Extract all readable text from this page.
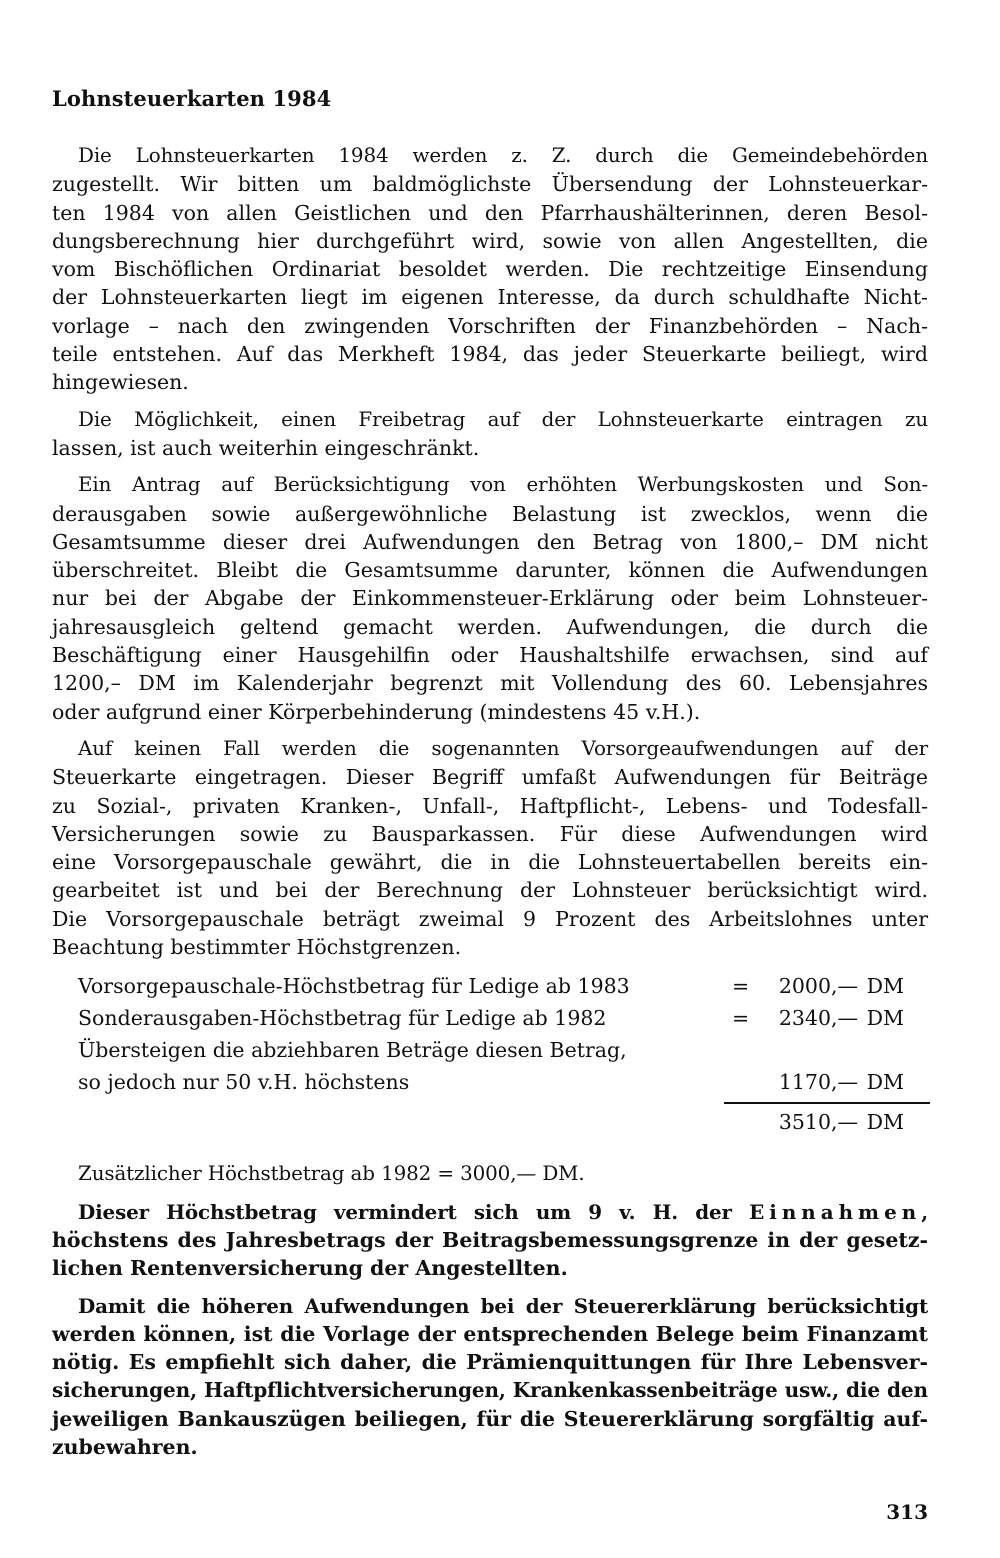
Lohnsteuerkarten 1984

Die Lohnsteuerkarten 1984 werden z. Z. durch die Gemeindebehörden
zugestellt. Wir bitten um baldmöglichste Übersendung der Lohnsteuerkar-
ten 1984 von allen Geistlichen und den Pfarrhaushälterinnen, deren Besol-
dungsberechnung hier durchgeführt wird, sowie von allen Angestellten, die
vom Bischöflichen Ordinariat besoldet werden. Die rechtzeitige Einsendung
der Lohnsteuerkarten liegt im eigenen Interesse, da durch schuldhafte Nicht-
vorlage – nach den zwingenden Vorschriften der Finanzbehörden – Nach-
teile entstehen. Auf das Merkheft 1984, das jeder Steuerkarte beiliegt, wird
hingewiesen.

Die Möglichkeit, einen Freibetrag auf der Lohnsteuerkarte eintragen zu
lassen, ist auch weiterhin eingeschränkt.

Ein Antrag auf Berücksichtigung von erhöhten Werbungskosten und Son-
derausgaben sowie außergewöhnliche Belastung ist zwecklos, wenn die
Gesamtsumme dieser drei Aufwendungen den Betrag von 1800,– DM nicht
überschreitet. Bleibt die Gesamtsumme darunter, können die Aufwendungen
nur bei der Abgabe der Einkommensteuer-Erklärung oder beim Lohnsteuer-
jahresausgleich geltend gemacht werden. Aufwendungen, die durch die
Beschäftigung einer Hausgehilfin oder Haushaltshilfe erwachsen, sind auf
1200,– DM im Kalenderjahr begrenzt mit Vollendung des 60. Lebensjahres
oder aufgrund einer Körperbehinderung (mindestens 45 v.H.).

Auf keinen Fall werden die sogenannten Vorsorgeaufwendungen auf der
Steuerkarte eingetragen. Dieser Begriff umfaßt Aufwendungen für Beiträge
zu Sozial-, privaten Kranken-, Unfall-, Haftpflicht-, Lebens- und Todesfall-
Versicherungen sowie zu Bausparkassen. Für diese Aufwendungen wird
eine Vorsorgepauschale gewährt, die in die Lohnsteuertabellen bereits ein-
gearbeitet ist und bei der Berechnung der Lohnsteuer berücksichtigt wird.
Die Vorsorgepauschale beträgt zweimal 9 Prozent des Arbeitslohnes unter
Beachtung bestimmter Höchstgrenzen.

Vorsorgepauschale-Höchstbetrag für Ledige ab 1983	= 2000,— DM
Sonderausgaben-Höchstbetrag für Ledige ab 1982	= 2340,— DM
Übersteigen die abziehbaren Beträge diesen Betrag,
so jedoch nur 50 v.H. höchstens	1170,— DM
3510,— DM

Zusätzlicher Höchstbetrag ab 1982 = 3000,— DM.

Dieser Höchstbetrag vermindert sich um 9 v. H. der Einnahmen,
höchstens des Jahresbetrags der Beitragsbemessungsgrenze in der gesetz-
lichen Rentenversicherung der Angestellten.

Damit die höheren Aufwendungen bei der Steuererklärung berücksichtigt
werden können, ist die Vorlage der entsprechenden Belege beim Finanzamt
nötig. Es empfiehlt sich daher, die Prämienquittungen für Ihre Lebensver-
sicherungen, Haftpflichtversicherungen, Krankenkassenbeiträge usw., die den
jeweiligen Bankauszügen beiliegen, für die Steuererklärung sorgfältig auf-
zubewahren.

313
